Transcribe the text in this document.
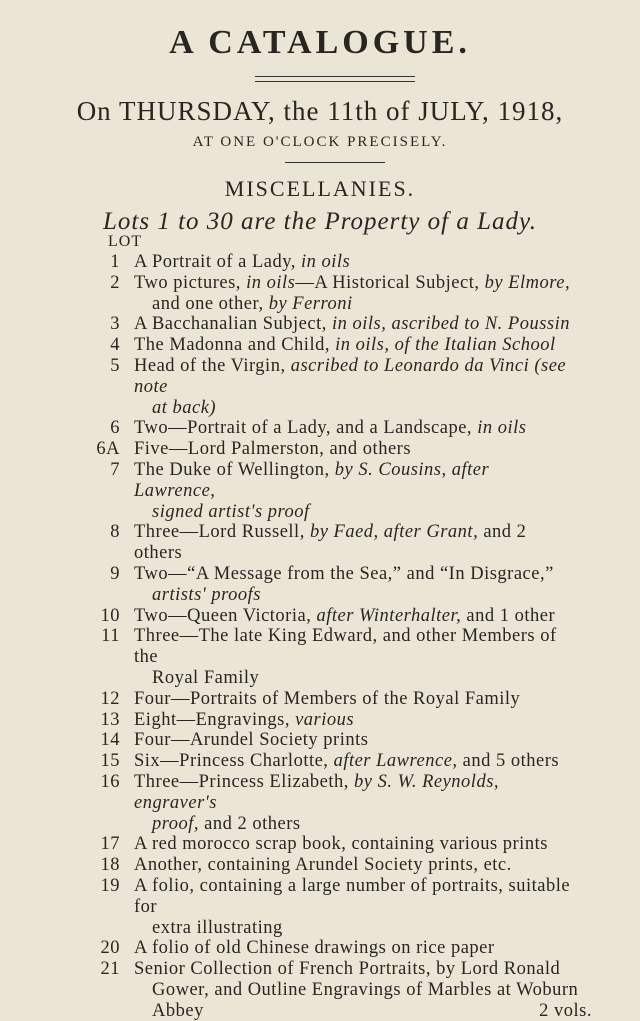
A CATALOGUE.
On THURSDAY, the 11th of JULY, 1918,
AT ONE O'CLOCK PRECISELY.
MISCELLANIES.
Lots 1 to 30 are the Property of a Lady.
LOT
1 A Portrait of a Lady, in oils
2 Two pictures, in oils—A Historical Subject, by Elmore,
and one other, by Ferroni
3 A Bacchanalian Subject, in oils, ascribed to N. Poussin
4 The Madonna and Child, in oils, of the Italian School
5 Head of the Virgin, ascribed to Leonardo da Vinci (see note
at back)
6 Two—Portrait of a Lady, and a Landscape, in oils
6A Five—Lord Palmerston, and others
7 The Duke of Wellington, by S. Cousins, after Lawrence,
signed artist's proof
8 Three—Lord Russell, by Faed, after Grant, and 2 others
9 Two—“A Message from the Sea,” and “In Disgrace,”
artists' proofs
10 Two—Queen Victoria, after Winterhalter, and 1 other
11 Three—The late King Edward, and other Members of the
Royal Family
12 Four—Portraits of Members of the Royal Family
13 Eight—Engravings, various
14 Four—Arundel Society prints
15 Six—Princess Charlotte, after Lawrence, and 5 others
16 Three—Princess Elizabeth, by S. W. Reynolds, engraver's
proof, and 2 others
17 A red morocco scrap book, containing various prints
18 Another, containing Arundel Society prints, etc.
19 A folio, containing a large number of portraits, suitable for
extra illustrating
20 A folio of old Chinese drawings on rice paper
21 Senior Collection of French Portraits, by Lord Ronald
Gower, and Outline Engravings of Marbles at Woburn
Abbey	2 vols.
